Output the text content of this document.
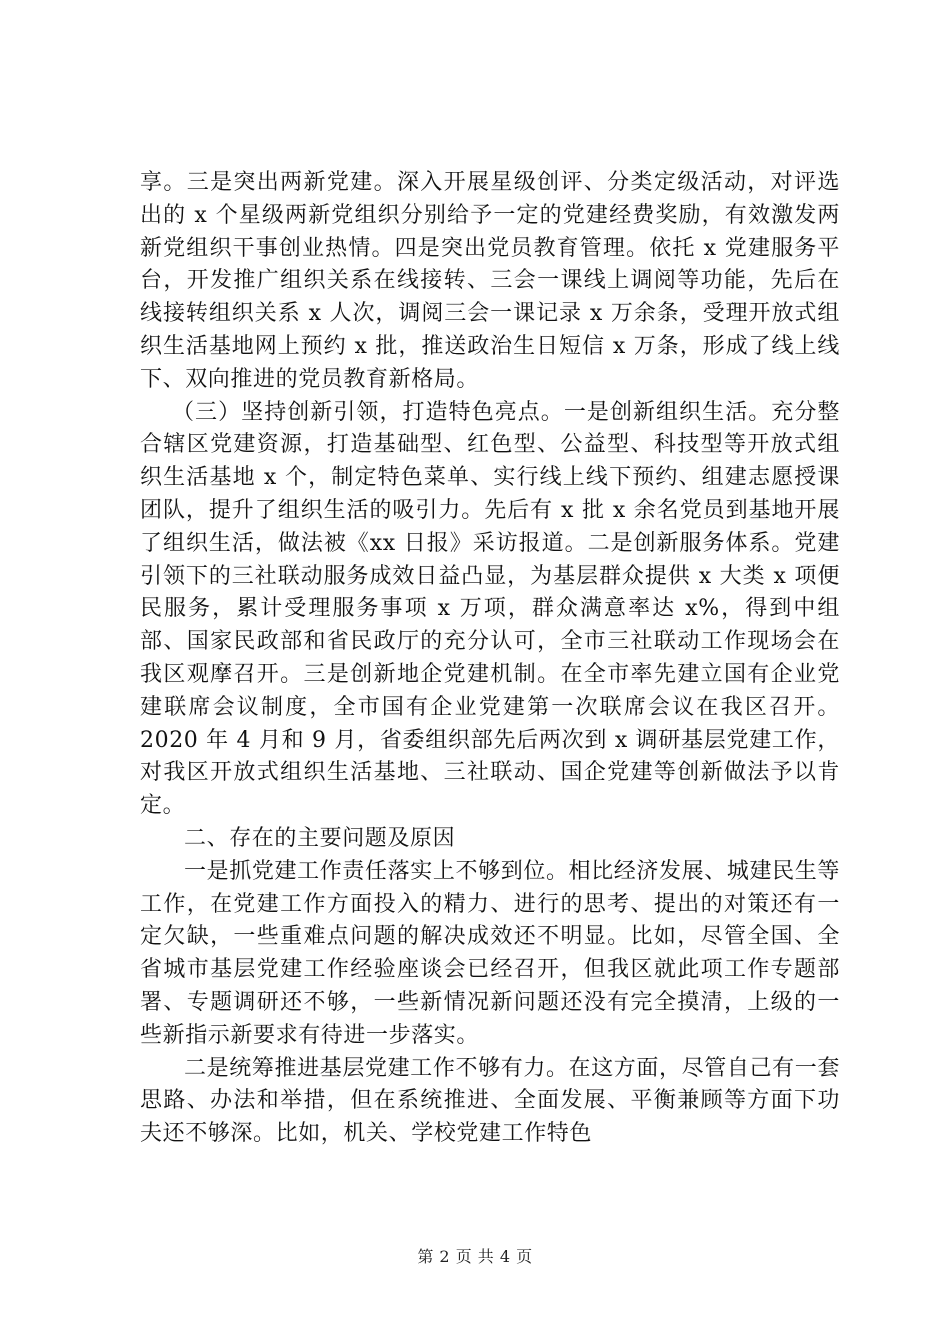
享。三是突出两新党建。深入开展星级创评、分类定级活动，对评选出的 x 个星级两新党组织分别给予一定的党建经费奖励，有效激发两新党组织干事创业热情。四是突出党员教育管理。依托 x 党建服务平台，开发推广组织关系在线接转、三会一课线上调阅等功能，先后在线接转组织关系 x 人次，调阅三会一课记录 x 万余条，受理开放式组织生活基地网上预约 x 批，推送政治生日短信 x 万条，形成了线上线下、双向推进的党员教育新格局。

（三）坚持创新引领，打造特色亮点。一是创新组织生活。充分整合辖区党建资源，打造基础型、红色型、公益型、科技型等开放式组织生活基地 x 个，制定特色菜单、实行线上线下预约、组建志愿授课团队，提升了组织生活的吸引力。先后有 x 批 x 余名党员到基地开展了组织生活，做法被《xx 日报》采访报道。二是创新服务体系。党建引领下的三社联动服务成效日益凸显，为基层群众提供 x 大类 x 项便民服务，累计受理服务事项 x 万项，群众满意率达 x%，得到中组部、国家民政部和省民政厅的充分认可，全市三社联动工作现场会在我区观摩召开。三是创新地企党建机制。在全市率先建立国有企业党建联席会议制度，全市国有企业党建第一次联席会议在我区召开。2020 年 4 月和 9 月，省委组织部先后两次到 x 调研基层党建工作，对我区开放式组织生活基地、三社联动、国企党建等创新做法予以肯定。

二、存在的主要问题及原因

一是抓党建工作责任落实上不够到位。相比经济发展、城建民生等工作，在党建工作方面投入的精力、进行的思考、提出的对策还有一定欠缺，一些重难点问题的解决成效还不明显。比如，尽管全国、全省城市基层党建工作经验座谈会已经召开，但我区就此项工作专题部署、专题调研还不够，一些新情况新问题还没有完全摸清，上级的一些新指示新要求有待进一步落实。

二是统筹推进基层党建工作不够有力。在这方面，尽管自己有一套思路、办法和举措，但在系统推进、全面发展、平衡兼顾等方面下功夫还不够深。比如，机关、学校党建工作特色

第 2 页 共 4 页
